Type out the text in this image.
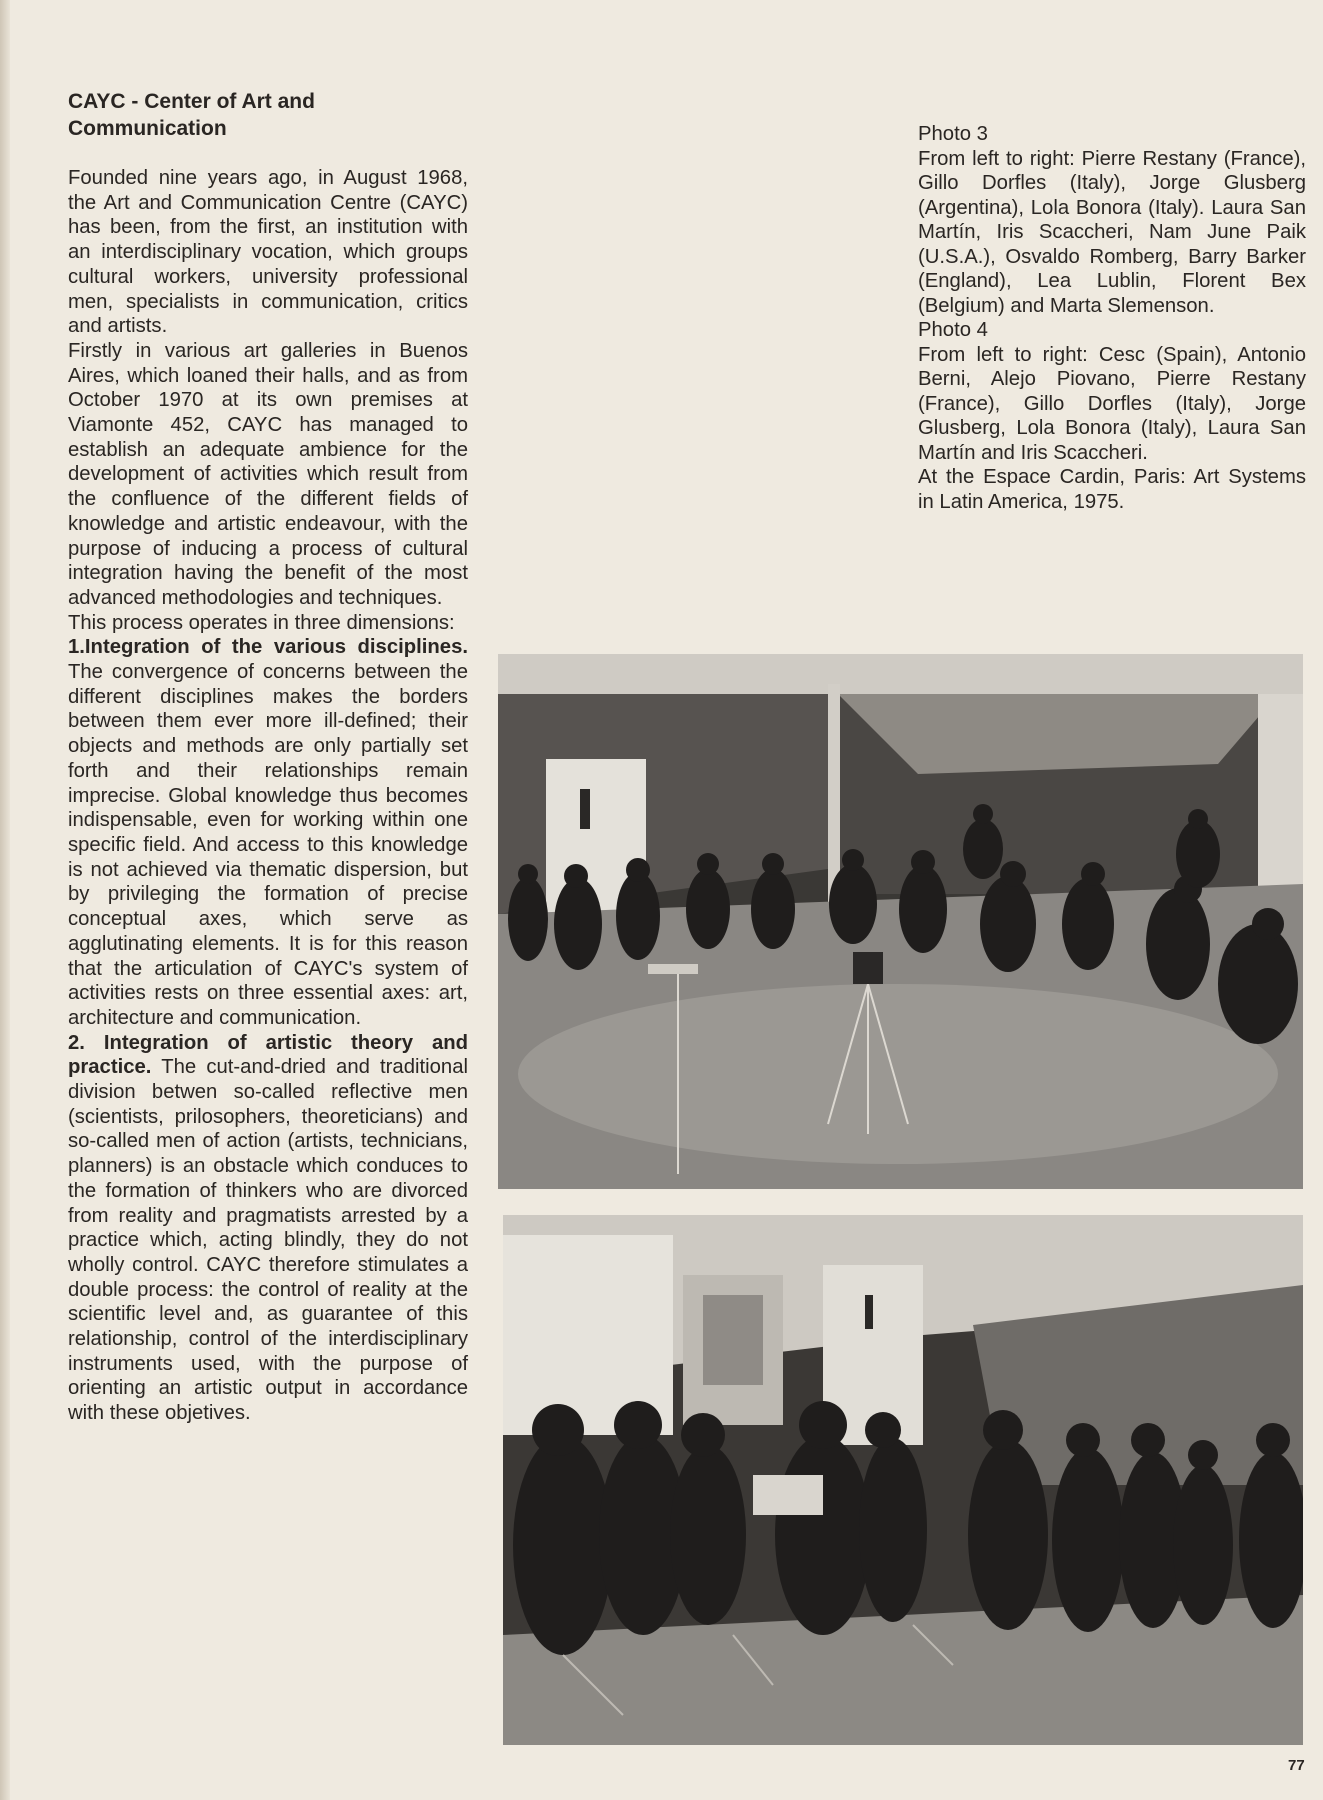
CAYC - Center of Art and Communication

Founded nine years ago, in August 1968, the Art and Communication Centre (CAYC) has been, from the first, an institution with an interdisciplinary vocation, which groups cultural workers, university professional men, specialists in communication, critics and artists.

Firstly in various art galleries in Buenos Aires, which loaned their halls, and as from October 1970 at its own premises at Viamonte 452, CAYC has managed to establish an adequate ambience for the development of activities which result from the confluence of the different fields of knowledge and artistic endeavour, with the purpose of inducing a process of cultural integration having the benefit of the most advanced methodologies and techniques.

This process operates in three dimensions:

1.Integration of the various disciplines. The convergence of concerns between the different disciplines makes the borders between them ever more ill-defined; their objects and methods are only partially set forth and their relationships remain imprecise. Global knowledge thus becomes indispensable, even for working within one specific field. And access to this knowledge is not achieved via thematic dispersion, but by privileging the formation of precise conceptual axes, which serve as agglutinating elements. It is for this reason that the articulation of CAYC's system of activities rests on three essential axes: art, architecture and communication.

2. Integration of artistic theory and practice. The cut-and-dried and traditional division betwen so-called reflective men (scientists, prilosophers, theoreticians) and so-called men of action (artists, technicians, planners) is an obstacle which conduces to the formation of thinkers who are divorced from reality and pragmatists arrested by a practice which, acting blindly, they do not wholly control. CAYC therefore stimulates a double process: the control of reality at the scientific level and, as guarantee of this relationship, control of the interdisciplinary instruments used, with the purpose of orienting an artistic output in accordance with these objetives.

Photo 3

From left to right: Pierre Restany (France), Gillo Dorfles (Italy), Jorge Glusberg (Argentina), Lola Bonora (Italy). Laura San Martín, Iris Scaccheri, Nam June Paik (U.S.A.), Osvaldo Romberg, Barry Barker (England), Lea Lublin, Florent Bex (Belgium) and Marta Slemenson.

Photo 4

From left to right: Cesc (Spain), Antonio Berni, Alejo Piovano, Pierre Restany (France), Gillo Dorfles (Italy), Jorge Glusberg, Lola Bonora (Italy), Laura San Martín and Iris Scaccheri.

At the Espace Cardin, Paris: Art Systems in Latin America, 1975.

77
